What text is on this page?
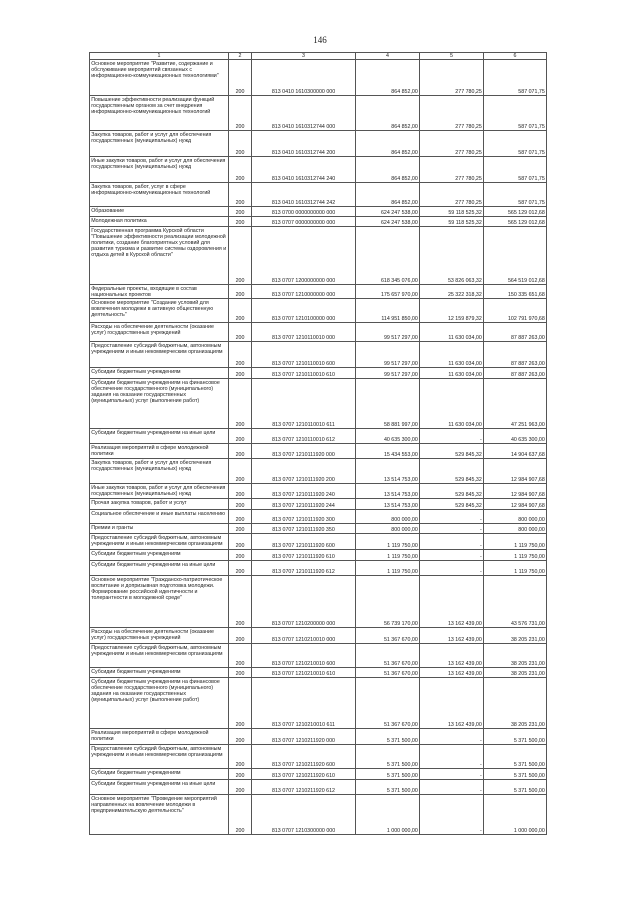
146
1	2	3	4	5	6
Основное мероприятие "Развитие, содержание и обслуживание мероприятий связанных с информационно-коммуникационных технологиями"	200	813 0410 1610300000 000	864 852,00	277 780,25	587 071,75
Повышение эффективности реализации функций государственным органом за счет внедрения информационно-коммуникационных технологий	200	813 0410 1610312744 000	864 852,00	277 780,25	587 071,75
Закупка товаров, работ и услуг для обеспечения государственных (муниципальных) нужд	200	813 0410 1610312744 200	864 852,00	277 780,25	587 071,75
Иные закупки товаров, работ и услуг для обеспечения государственных (муниципальных) нужд	200	813 0410 1610312744 240	864 852,00	277 780,25	587 071,75
Закупка товаров, работ, услуг в сфере информационно-коммуникационных технологий	200	813 0410 1610312744 242	864 852,00	277 780,25	587 071,75
Образование	200	813 0700 0000000000 000	624 247 538,00	59 118 525,32	565 129 012,68
Молодежная политика	200	813 0707 0000000000 000	624 247 538,00	59 118 525,32	565 129 012,68
Государственная программа Курской области "Повышение эффективности реализации молодежной политики, создание благоприятных условий для развития туризма и развитие системы оздоровления и отдыха детей в Курской области"	200	813 0707 1200000000 000	618 345 076,00	53 826 063,32	564 519 012,68
Федеральные проекты, входящие в состав национальных проектов	200	813 0707 1210000000 000	175 657 970,00	25 322 318,32	150 335 651,68
Основное мероприятие "Создание условий для вовлечения молодежи в активную общественную деятельность"	200	813 0707 1210100000 000	114 951 850,00	12 159 879,32	102 791 970,68
Расходы на обеспечение деятельности (оказание услуг) государственных учреждений	200	813 0707 1210110010 000	99 517 297,00	11 630 034,00	87 887 263,00
Предоставление субсидий бюджетным, автономным учреждениям и иным некоммерческим организациям	200	813 0707 1210110010 600	99 517 297,00	11 630 034,00	87 887 263,00
Субсидии бюджетным учреждениям	200	813 0707 1210110010 610	99 517 297,00	11 630 034,00	87 887 263,00
Субсидии бюджетным учреждениям на финансовое обеспечение государственного (муниципального) задания на оказание государственных (муниципальных) услуг (выполнение работ)	200	813 0707 1210110010 611	58 881 997,00	11 630 034,00	47 251 963,00
Субсидии бюджетным учреждениям на иные цели	200	813 0707 1210110010 612	40 635 300,00	-	40 635 300,00
Реализация мероприятий в сфере молодежной политики	200	813 0707 1210111920 000	15 434 553,00	529 845,32	14 904 637,68
Закупка товаров, работ и услуг для обеспечения государственных (муниципальных) нужд	200	813 0707 1210111920 200	13 514 753,00	529 845,32	12 984 907,68
Иные закупки товаров, работ и услуг для обеспечения государственных (муниципальных) нужд	200	813 0707 1210111920 240	13 514 753,00	529 845,32	12 984 907,68
Прочая закупка товаров, работ и услуг	200	813 0707 1210111920 244	13 514 753,00	529 845,32	12 984 907,68
Социальное обеспечение и иные выплаты населению	200	813 0707 1210111920 300	800 000,00	-	800 000,00
Премии и гранты	200	813 0707 1210111920 350	800 000,00	-	800 000,00
Предоставление субсидий бюджетным, автономным учреждениям и иным некоммерческим организациям	200	813 0707 1210111920 600	1 119 750,00	-	1 119 750,00
Субсидии бюджетным учреждениям	200	813 0707 1210111920 610	1 119 750,00	-	1 119 750,00
Субсидии бюджетным учреждениям на иные цели	200	813 0707 1210111920 612	1 119 750,00	-	1 119 750,00
Основное мероприятие "Гражданско-патриотическое воспитание и допризывная подготовка молодежи. Формирование российской идентичности и толерантности в молодежной среде"	200	813 0707 1210200000 000	56 739 170,00	13 162 439,00	43 576 731,00
Расходы на обеспечение деятельности (оказание услуг) государственных учреждений	200	813 0707 1210210010 000	51 367 670,00	13 162 439,00	38 205 231,00
Предоставление субсидий бюджетным, автономным учреждениям и иным некоммерческим организациям	200	813 0707 1210210010 600	51 367 670,00	13 162 439,00	38 205 231,00
Субсидии бюджетным учреждениям	200	813 0707 1210210010 610	51 367 670,00	13 162 439,00	38 205 231,00
Субсидии бюджетным учреждениям на финансовое обеспечение государственного (муниципального) задания на оказание государственных (муниципальных) услуг (выполнение работ)	200	813 0707 1210210010 611	51 367 670,00	13 162 439,00	38 205 231,00
Реализация мероприятий в сфере молодежной политики	200	813 0707 1210211920 000	5 371 500,00	-	5 371 500,00
Предоставление субсидий бюджетным, автономным учреждениям и иным некоммерческим организациям	200	813 0707 1210211920 600	5 371 500,00	-	5 371 500,00
Субсидии бюджетным учреждениям	200	813 0707 1210211920 610	5 371 500,00	-	5 371 500,00
Субсидии бюджетным учреждениям на иные цели	200	813 0707 1210211920 612	5 371 500,00	-	5 371 500,00
Основное мероприятие "Проведение мероприятий направленных на вовлечение молодежи в предпринимательскую деятельность"	200	813 0707 1210300000 000	1 000 000,00	-	1 000 000,00
